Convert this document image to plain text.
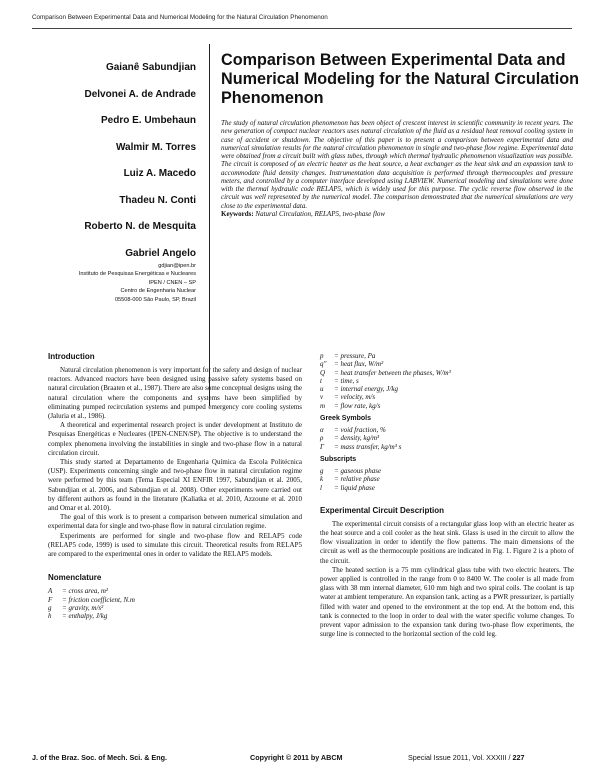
Comparison Between Experimental Data and Numerical Modeling for the Natural Circulation Phenomenon
Gaianê Sabundjian
Delvonei A. de Andrade
Pedro E. Umbehaun
Walmir M. Torres
Luiz A. Macedo
Thadeu N. Conti
Roberto N. de Mesquita
Gabriel Angelo
gdjian@ipen.br
Instituto de Pesquisas Energéticas e Nucleares
IPEN / CNEN – SP
Centro de Engenharia Nuclear
05508-000 São Paulo, SP, Brazil
Comparison Between Experimental Data and Numerical Modeling for the Natural Circulation Phenomenon

The study of natural circulation phenomenon has been object of crescent interest in scientific community in recent years. The new generation of compact nuclear reactors uses natural circulation of the fluid as a residual heat removal cooling system in case of accident or shutdown. The objective of this paper is to present a comparison between experimental data and numerical simulation results for the natural circulation phenomenon in single and two-phase flow regime. Experimental data were obtained from a circuit built with glass tubes, through which thermal hydraulic phenomenon visualization was possible. The circuit is composed of an electric heater as the heat source, a heat exchanger as the heat sink and an expansion tank to accommodate fluid density changes. Instrumentation data acquisition is performed through thermocouples and pressure meters, and controlled by a computer interface developed using LABVIEW. Numerical modeling and simulations were done with the thermal hydraulic code RELAP5, which is widely used for this purpose. The cyclic reverse flow observed in the circuit was well represented by the numerical model. The comparison demonstrated that the numerical simulations are very close to the experimental data.
Keywords: Natural Circulation, RELAP5, two-phase flow

Introduction

Natural circulation phenomenon is very important for the safety and design of nuclear reactors. Advanced reactors have been designed using passive safety systems based on natural circulation (Braaten et al., 1987). There are also some conceptual designs using the natural circulation where the components and systems have been simplified by eliminating pumped recirculation systems and pumped emergency core cooling systems (Jaluria et al., 1986).

A theoretical and experimental research project is under development at Instituto de Pesquisas Energéticas e Nucleares (IPEN-CNEN/SP). The objective is to understand the complex phenomena involving the instabilities in single and two-phase flow in a natural circulation circuit.

This study started at Departamento de Engenharia Química da Escola Politécnica (USP). Experiments concerning single and two-phase flow in natural circulation regime were performed by this team (Tema Especial XI ENFIR 1997, Sabundjian et al. 2005, Sabundjian et al. 2006, and Sabundjian et al. 2008). Other experiments were carried out by different authors as found in the literature (Kaliatka et al. 2010, Azzoune et al. 2010 and Omar et al. 2010).

The goal of this work is to present a comparison between numerical simulation and experimental data for single and two-phase flow in natural circulation regime.

Experiments are performed for single and two-phase flow and RELAP5 code (RELAP5 code, 1999) is used to simulate this circuit. Theoretical results from RELAP5 are compared to the experimental ones in order to validate the RELAP5 models.

Nomenclature
A	= cross area, m²
F	= friction coefficient, N.m
g	= gravity, m/s²
h	= enthalpy, J/kg
p	= pressure, Pa
q"	= heat flux, W/m²
Q	= heat transfer between the phases, W/m³
t	= time, s
u	= internal energy, J/kg
v	= velocity, m/s
m	= flow rate, kg/s
Greek Symbols
α	= void fraction, %
ρ	= density, kg/m³
Γ	= mass transfer, kg/m³ s
Subscripts
g	= gaseous phase
k	= relative phase
l	= liquid phase
Experimental Circuit Description

The experimental circuit consists of a rectangular glass loop with an electric heater as the heat source and a coil cooler as the heat sink. Glass is used in the circuit to allow the flow visualization in order to identify the flow patterns. The main dimensions of the circuit as well as the thermocouple positions are indicated in Fig. 1. Figure 2 is a photo of the circuit.

The heated section is a 75 mm cylindrical glass tube with two electric heaters. The power applied is controlled in the range from 0 to 8400 W. The cooler is all made from glass with 38 mm internal diameter, 610 mm high and two spiral coils. The coolant is tap water at ambient temperature. An expansion tank, acting as a PWR pressurizer, is partially filled with water and opened to the environment at the top end. At the bottom end, this tank is connected to the loop in order to deal with the water specific volume changes. To prevent vapor admission to the expansion tank during two-phase flow experiments, the surge line is connected to the horizontal section of the cold leg.

J. of the Braz. Soc. of Mech. Sci. & Eng.	Copyright © 2011 by ABCM	Special Issue 2011, Vol. XXXIII / 227
